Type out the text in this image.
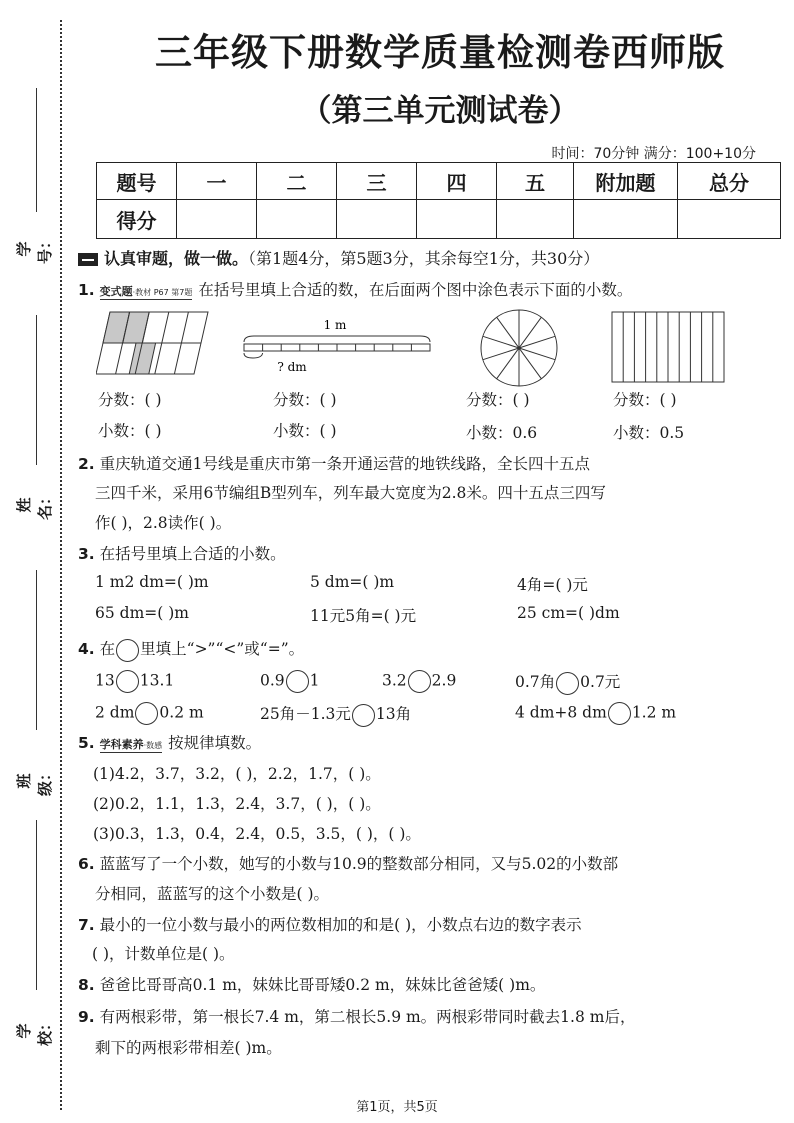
学号：
姓名：
班级：
学校：
三年级下册数学质量检测卷西师版
（第三单元测试卷）
时间：70分钟 满分：100+10分
题号	一	二	三	四	五	附加题	总分
得分							
认真审题，做一做。（第1题4分，第5题3分，其余每空1分，共30分）
1. 变式题·教材 P67 第7题 在括号里填上合适的数，在后面两个图中涂色表示下面的小数。
1 m
? dm
分数：( )
小数：( )
分数：( )
小数：( )
分数：( )
小数：0.6
分数：( )
小数：0.5
2. 重庆轨道交通1号线是重庆市第一条开通运营的地铁线路，全长四十五点
三四千米，采用6节编组B型列车，列车最大宽度为2.8米。四十五点三四写
作( )，2.8读作( )。
3. 在括号里填上合适的小数。
1 m2 dm=( )m	5 dm=( )m	4角=( )元
65 dm=( )m	11元5角=( )元	25 cm=( )dm
4. 在 里填上“>”“<”或“=”。
13 13.1	0.9 1	3.2 2.9	0.7角 0.7元
2 dm 0.2 m	25角－1.3元 13角	4 dm+8 dm 1.2 m
5. 学科素养·数感 按规律填数。
(1)4.2，3.7，3.2，( )，2.2，1.7，( )。
(2)0.2，1.1，1.3，2.4，3.7，( )，( )。
(3)0.3，1.3，0.4，2.4，0.5，3.5，( )，( )。
6. 蓝蓝写了一个小数，她写的小数与10.9的整数部分相同，又与5.02的小数部
分相同，蓝蓝写的这个小数是( )。
7. 最小的一位小数与最小的两位数相加的和是( )，小数点右边的数字表示
( )，计数单位是( )。
8. 爸爸比哥哥高0.1 m，妹妹比哥哥矮0.2 m，妹妹比爸爸矮( )m。
9. 有两根彩带，第一根长7.4 m，第二根长5.9 m。两根彩带同时截去1.8 m后，
剩下的两根彩带相差( )m。
第1页，共5页
